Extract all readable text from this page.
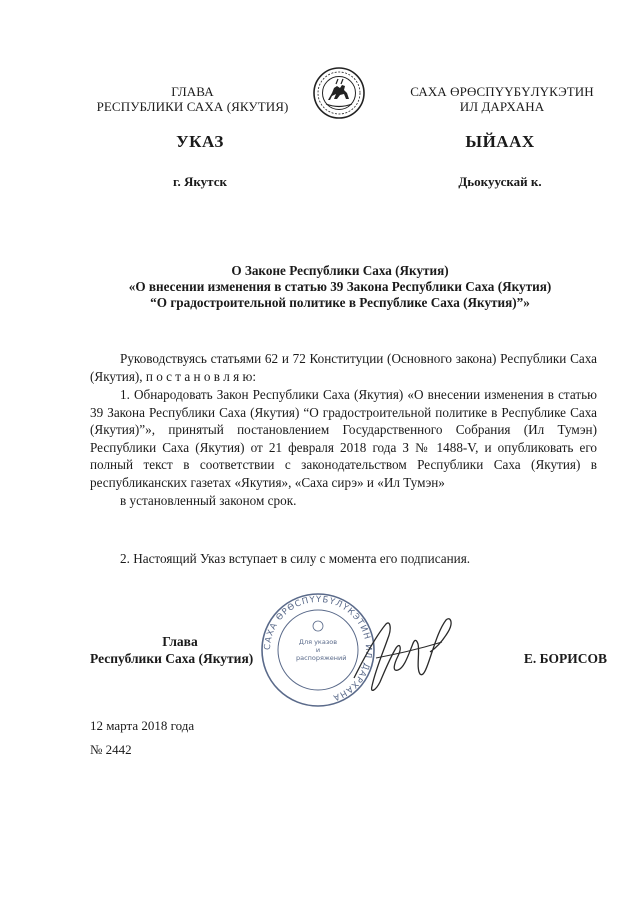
ГЛАВА
РЕСПУБЛИКИ САХА (ЯКУТИЯ)
САХА ӨРӨСПҮҮБҮЛҮКЭТИН
ИЛ ДАРХАНА
УКАЗ	ЫЙААХ
г. Якутск	Дьокуускай к.
О Законе Республики Саха (Якутия)
«О внесении изменения в статью 39 Закона Республики Саха (Якутия)
“О градостроительной политике в Республике Саха (Якутия)”»
Руководствуясь статьями 62 и 72 Конституции (Основного закона) Республики Саха (Якутия), п о с т а н о в л я ю:
1. Обнародовать Закон Республики Саха (Якутия) «О внесении изменения в статью 39 Закона Республики Саха (Якутия) “О градостроительной политике в Республике Саха (Якутия)”», принятый постановлением Государственного Собрания (Ил Тумэн) Республики Саха (Якутия) от 21 февраля 2018 года З № 1488-V, и опубликовать его полный текст в соответствии с законодательством Республики Саха (Якутия) в республиканских газетах «Якутия», «Саха сирэ» и «Ил Тумэн»
в установленный законом срок.
2. Настоящий Указ вступает в силу с момента его подписания.
САХА ӨРӨСПҮҮБҮЛҮКЭТИН ИЛ ДАРХАНА
Для указов и распоряжений
Глава
Республики Саха (Якутия)	Е. БОРИСОВ
12 марта 2018 года
№ 2442
